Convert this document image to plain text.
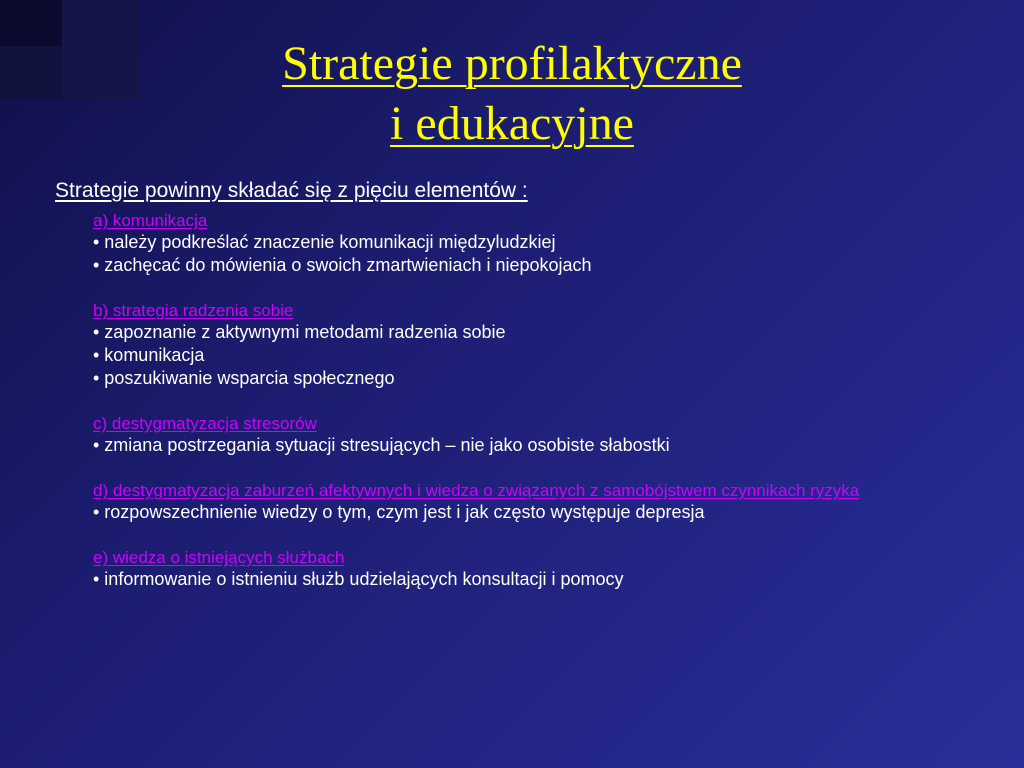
Strategie profilaktyczne
i edukacyjne
Strategie powinny składać się z pięciu elementów :
a) komunikacja
• należy podkreślać znaczenie komunikacji międzyludzkiej
• zachęcać do mówienia o swoich zmartwieniach i niepokojach
b) strategia radzenia sobie
• zapoznanie z aktywnymi metodami radzenia sobie
• komunikacja
• poszukiwanie wsparcia społecznego
c) destygmatyzacja stresorów
• zmiana postrzegania sytuacji stresujących – nie jako osobiste słabostki
d) destygmatyzacja zaburzeń afektywnych i wiedza o związanych z samobójstwem czynnikach ryzyka
• rozpowszechnienie wiedzy o tym, czym jest i jak często występuje depresja
e) wiedza o istniejących służbach
• informowanie o istnieniu służb udzielających konsultacji i pomocy
